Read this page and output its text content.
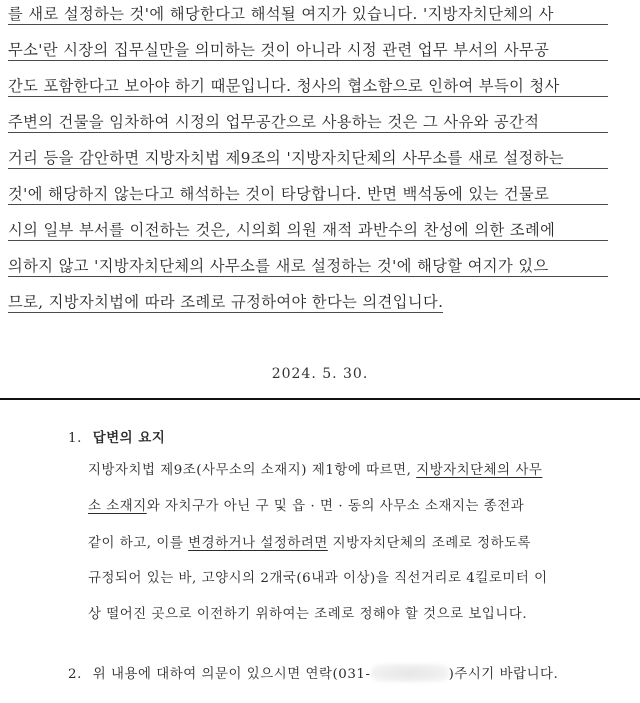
를 새로 설정하는 것'에 해당한다고 해석될 여지가 있습니다. '지방자치단체의 사
무소'란 시장의 집무실만을 의미하는 것이 아니라 시정 관련 업무 부서의 사무공
간도 포함한다고 보아야 하기 때문입니다. 청사의 협소함으로 인하여 부득이 청사
주변의 건물을 임차하여 시정의 업무공간으로 사용하는 것은 그 사유와 공간적
거리 등을 감안하면 지방자치법 제9조의 '지방자치단체의 사무소를 새로 설정하는
것'에 해당하지 않는다고 해석하는 것이 타당합니다. 반면 백석동에 있는 건물로
시의 일부 부서를 이전하는 것은, 시의회 의원 재적 과반수의 찬성에 의한 조례에
의하지 않고 '지방자치단체의 사무소를 새로 설정하는 것'에 해당할 여지가 있으
므로, 지방자치법에 따라 조례로 규정하여야 한다는 의견입니다.
2024. 5. 30.
1. 답변의 요지
지방자치법 제9조(사무소의 소재지) 제1항에 따르면, 지방자치단체의 사무
소 소재지와 자치구가 아닌 구 및 읍 · 면 · 동의 사무소 소재지는 종전과
같이 하고, 이를 변경하거나 설정하려면 지방자치단체의 조례로 정하도록
규정되어 있는 바, 고양시의 2개국(6내과 이상)을 직선거리로 4킬로미터 이
상 떨어진 곳으로 이전하기 위하여는 조례로 정해야 할 것으로 보입니다.
2. 위 내용에 대하여 의문이 있으시면 연락(031-	)주시기 바랍니다.
